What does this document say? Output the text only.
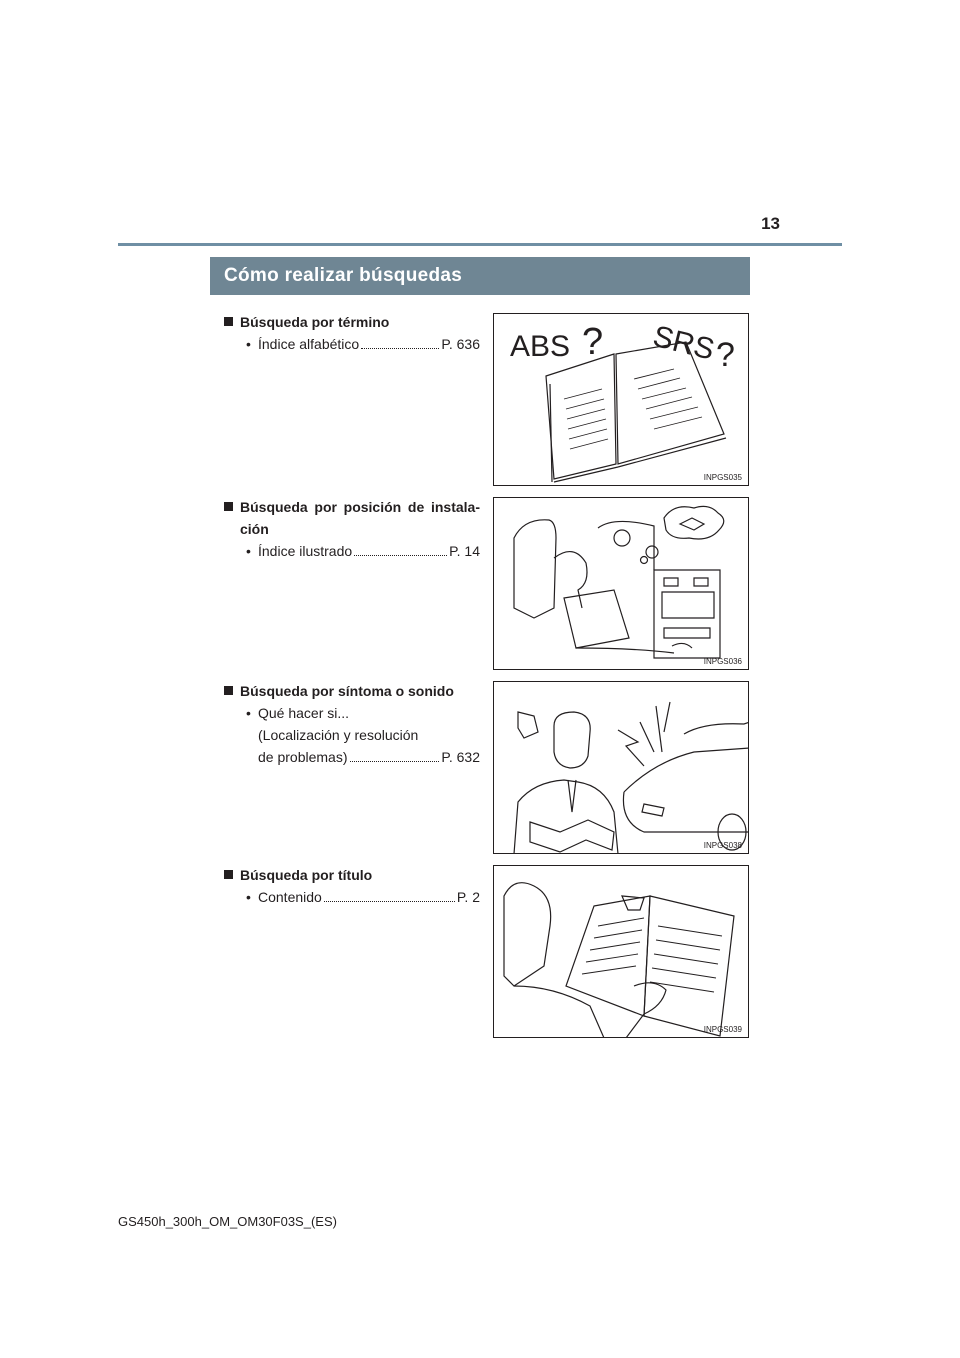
13
Cómo realizar búsquedas
Búsqueda por término
• Índice alfabético	P. 636
Búsqueda por posición de instala-ción
• Índice ilustrado	P. 14
Búsqueda por síntoma o sonido
• Qué hacer si...
(Localización y resolución
de problemas)	P. 632
Búsqueda por título
• Contenido	P. 2
ABS ? SRS
?
INPGS035
INPGS036
INPGS038
INPGS039
GS450h_300h_OM_OM30F03S_(ES)
